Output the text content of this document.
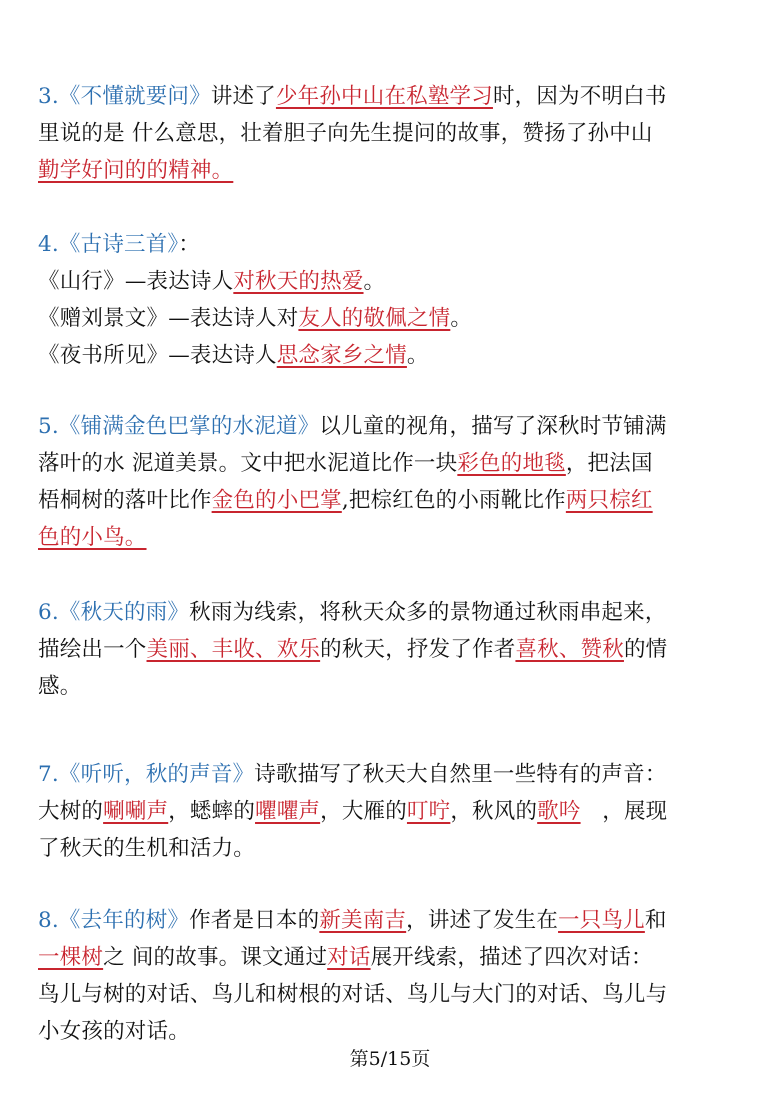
3.《不懂就要问》讲述了少年孙中山在私塾学习时，因为不明白书
里说的是 什么意思，壮着胆子向先生提问的故事，赞扬了孙中山
勤学好问的的精神。
4.《古诗三首》：
《山行》—表达诗人对秋天的热爱。
《赠刘景文》—表达诗人对友人的敬佩之情。
《夜书所见》—表达诗人思念家乡之情。
5.《铺满金色巴掌的水泥道》以儿童的视角，描写了深秋时节铺满
落叶的水 泥道美景。文中把水泥道比作一块彩色的地毯，把法国
梧桐树的落叶比作金色的小巴掌,把棕红色的小雨靴比作两只棕红
色的小鸟。
6.《秋天的雨》秋雨为线索，将秋天众多的景物通过秋雨串起来，
描绘出一个美丽、丰收、欢乐的秋天，抒发了作者喜秋、赞秋的情
感。
7.《听听，秋的声音》诗歌描写了秋天大自然里一些特有的声音：
大树的唰唰声，蟋蟀的㘗㘗声，大雁的叮咛，秋风的歌吟　，展现
了秋天的生机和活力。
8.《去年的树》作者是日本的新美南吉，讲述了发生在一只鸟儿和
一棵树之 间的故事。课文通过对话展开线索，描述了四次对话：
鸟儿与树的对话、鸟儿和树根的对话、鸟儿与大门的对话、鸟儿与
小女孩的对话。
第5/15页
